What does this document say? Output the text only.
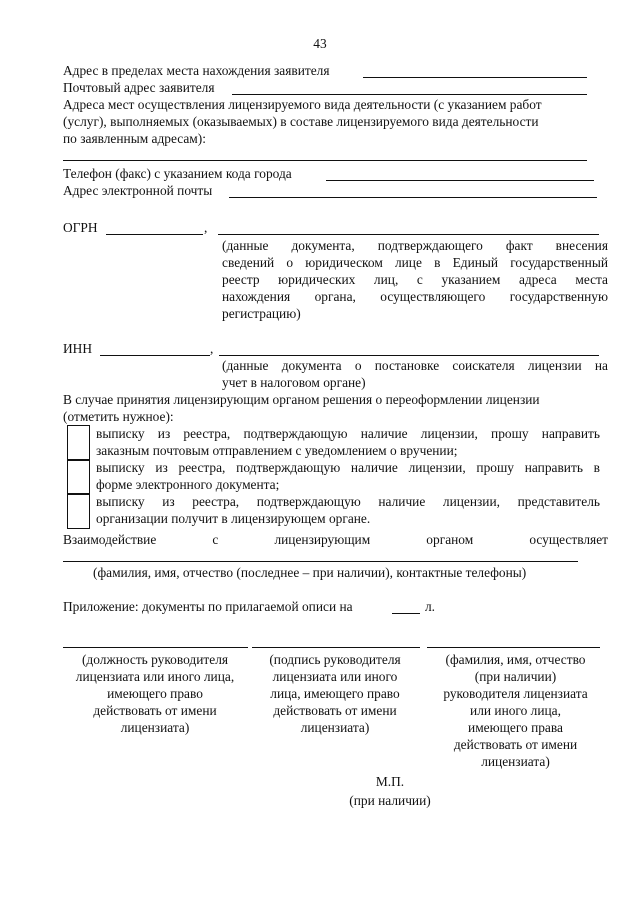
43
Адрес в пределах места нахождения заявителя
Почтовый адрес заявителя
Адреса мест осуществления лицензируемого вида деятельности (с указанием работ
(услуг), выполняемых (оказываемых) в составе лицензируемого вида деятельности
по заявленным адресам):
Телефон (факс) с указанием кода города
Адрес электронной почты
ОГРН	,
(данные документа, подтверждающего факт внесения
сведений о юридическом лице в Единый государственный
реестр юридических лиц, с указанием адреса места
нахождения органа, осуществляющего государственную
регистрацию)
ИНН	,
(данные документа о постановке соискателя лицензии на
учет в налоговом органе)
В случае принятия лицензирующим органом решения о переоформлении лицензии
(отметить нужное):
выписку из реестра, подтверждающую наличие лицензии, прошу направить
заказным почтовым отправлением с уведомлением о вручении;
выписку из реестра, подтверждающую наличие лицензии, прошу направить в
форме электронного документа;
выписку из реестра, подтверждающую наличие лицензии, представитель
организации получит в лицензирующем органе.
Взаимодействие с лицензирующим органом осуществляет
(фамилия, имя, отчество (последнее – при наличии), контактные телефоны)
Приложение: документы по прилагаемой описи на	л.
(должность руководителя
лицензиата или иного лица,
имеющего право
действовать от имени
лицензиата)
(подпись руководителя
лицензиата или иного
лица, имеющего право
действовать от имени
лицензиата)
(фамилия, имя, отчество
(при наличии)
руководителя лицензиата
или иного лица,
имеющего права
действовать от имени
лицензиата)
М.П.
(при наличии)
